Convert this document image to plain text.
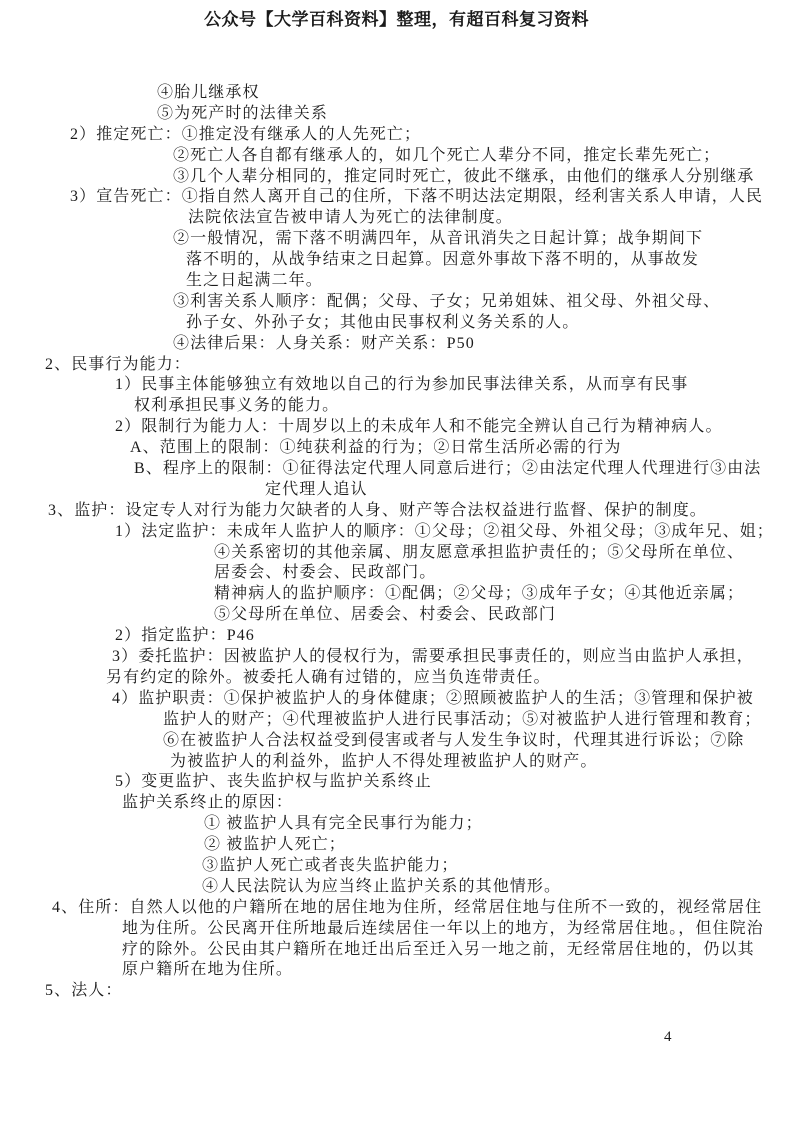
公众号【大学百科资料】整理，有超百科复习资料
④胎儿继承权
⑤为死产时的法律关系
2）推定死亡：①推定没有继承人的人先死亡；
②死亡人各自都有继承人的，如几个死亡人辈分不同，推定长辈先死亡；
③几个人辈分相同的，推定同时死亡，彼此不继承，由他们的继承人分别继承
3）宣告死亡：①指自然人离开自己的住所，下落不明达法定期限，经利害关系人申请，人民
法院依法宣告被申请人为死亡的法律制度。
②一般情况，需下落不明满四年，从音讯消失之日起计算；战争期间下
落不明的，从战争结束之日起算。因意外事故下落不明的，从事故发
生之日起满二年。
③利害关系人顺序：配偶；父母、子女；兄弟姐妹、祖父母、外祖父母、
孙子女、外孙子女；其他由民事权利义务关系的人。
④法律后果：人身关系：财产关系：P50
2、民事行为能力：
1）民事主体能够独立有效地以自己的行为参加民事法律关系，从而享有民事
权利承担民事义务的能力。
2）限制行为能力人：十周岁以上的未成年人和不能完全辨认自己行为精神病人。
A、范围上的限制：①纯获利益的行为；②日常生活所必需的行为
B、程序上的限制：①征得法定代理人同意后进行；②由法定代理人代理进行③由法
定代理人追认
3、监护：设定专人对行为能力欠缺者的人身、财产等合法权益进行监督、保护的制度。
1）法定监护：未成年人监护人的顺序：①父母；②祖父母、外祖父母；③成年兄、姐；
④关系密切的其他亲属、朋友愿意承担监护责任的；⑤父母所在单位、
居委会、村委会、民政部门。
精神病人的监护顺序：①配偶；②父母；③成年子女；④其他近亲属；
⑤父母所在单位、居委会、村委会、民政部门
2）指定监护：P46
3）委托监护：因被监护人的侵权行为，需要承担民事责任的，则应当由监护人承担，
另有约定的除外。被委托人确有过错的，应当负连带责任。
4）监护职责：①保护被监护人的身体健康；②照顾被监护人的生活；③管理和保护被
监护人的财产；④代理被监护人进行民事活动；⑤对被监护人进行管理和教育；
⑥在被监护人合法权益受到侵害或者与人发生争议时，代理其进行诉讼；⑦除
为被监护人的利益外，监护人不得处理被监护人的财产。
5）变更监护、丧失监护权与监护关系终止
监护关系终止的原因：
① 被监护人具有完全民事行为能力；
② 被监护人死亡；
③监护人死亡或者丧失监护能力；
④人民法院认为应当终止监护关系的其他情形。
4、住所：自然人以他的户籍所在地的居住地为住所，经常居住地与住所不一致的，视经常居住
地为住所。公民离开住所地最后连续居住一年以上的地方，为经常居住地。，但住院治
疗的除外。公民由其户籍所在地迁出后至迁入另一地之前，无经常居住地的，仍以其
原户籍所在地为住所。
5、法人：
4
